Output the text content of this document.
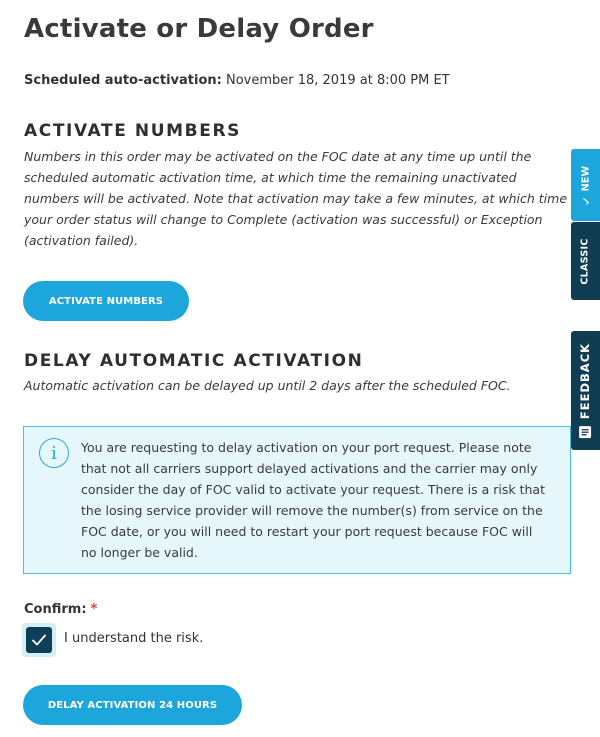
Activate or Delay Order
Scheduled auto-activation: November 18, 2019 at 8:00 PM ET
ACTIVATE NUMBERS

Numbers in this order may be activated on the FOC date at any time up until the scheduled automatic activation time, at which time the remaining unactivated numbers will be activated. Note that activation may take a few minutes, at which time your order status will change to Complete (activation was successful) or Exception (activation failed).

ACTIVATE NUMBERS
DELAY AUTOMATIC ACTIVATION

Automatic activation can be delayed up until 2 days after the scheduled FOC.

i	You are requesting to delay activation on your port request. Please note that not all carriers support delayed activations and the carrier may only consider the day of FOC valid to activate your request. There is a risk that the losing service provider will remove the number(s) from service on the FOC date, or you will need to restart your port request because FOC will no longer be valid.

Confirm: *
I understand the risk.
DELAY ACTIVATION 24 HOURS
NEW
CLASSIC
FEEDBACK
